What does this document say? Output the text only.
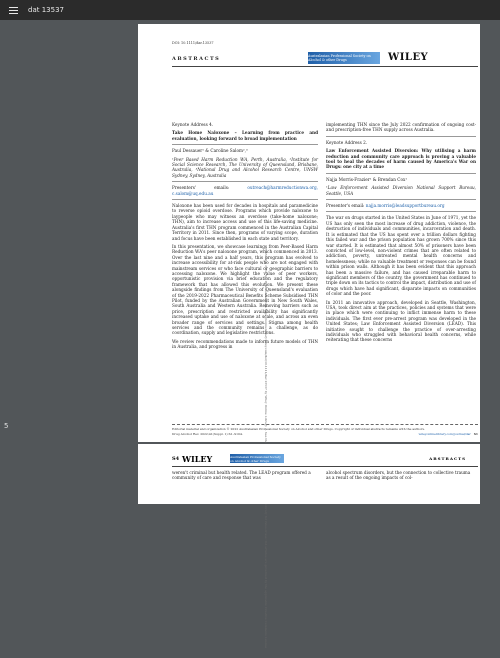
dat 13537
5
DOI: 10.1111/dar.13537
ABSTRACTS	Australasian Professional Society on Alcohol & other Drugs	WILEY

Keynote Address 4.

Take Home Naloxone – Learning from practice and evaluation, looking forward to broad implementation

Paul Dessauer¹ & Caroline Salom²,³

¹Peer Based Harm Reduction WA, Perth, Australia, ²Institute for Social Science Research, The University of Queensland, Brisbane, Australia, ³National Drug and Alcohol Research Centre, UNSW Sydney, Sydney, Australia

Presenters' emails:	outreach@harmreductionwa.org, c.salom@uq.edu.au

Naloxone has been used for decades in hospitals and paramedicine to reverse opioid overdose. Programs which provide naloxone to laypeople who may witness an overdose (take-home naloxone; THN), aim to increase access and use of this life-saving medicine. Australia's first THN program commenced in the Australian Capital Territory in 2011. Since then, programs of varying scope, duration and focus have been established in each state and territory.

In this presentation, we showcase learnings from Peer-Based Harm Reduction WA's peer naloxone program, which commenced in 2013. Over the last nine and a half years, this program has evolved to increase accessibility for at-risk people who are not engaged with mainstream services or who face cultural or geographic barriers to accessing naloxone. We highlight the value of peer workers, opportunistic provision via brief education and the regulatory framework that has allowed this evolution. We present these alongside findings from The University of Queensland's evaluation of the 2019-2022 Pharmaceutical Benefits Scheme Subsidised THN Pilot, funded by the Australian Government in New South Wales, South Australia and Western Australia. Removing barriers such as price, prescription and restricted availability has significantly increased uptake and use of naloxone at scale, and across an even broader range of services and settings. Stigma among health services and the community remains a challenge, as do coordination, supply and legislative restrictions.

We review recommendations made to inform future models of THN in Australia, and progress in

implementing THN since the July 2022 confirmation of ongoing cost- and prescription-free THN supply across Australia.

Keynote Address 2.

Law Enforcement Assisted Diversion: Why utilising a harm reduction and community care approach is proving a valuable tool to heal the decades of harm caused by America's War on Drugs: one city at a time

Najja Morris-Frazier¹ & Brendan Cox¹

¹Law Enforcement Assisted Diversion National Support Bureau, Seattle, USA

Presenter's email: najja.morris@leadsupportbureau.org

The war on drugs started in the United States in June of 1971, yet the US has only seen the most increase of drug addiction, violence, the destruction of individuals and communities, incarceration and death. It is estimated that the US has spent over a trillion dollars fighting this failed war and the prison population has grown 700% since this war started. It is estimated that almost 50% of prisoners have been convicted of low-level, non-violent crimes that are often related to addiction, poverty, untreated mental health concerns and homelessness; while no valuable treatment or responses can be found within prison walls. Although it has been evident that this approach has been a massive failure, and has caused irreparable harm to significant members of the country, the government has continued to triple down on its tactics to control the impact, distribution and use of drugs which have had significant, disparate impacts on communities of color and the poor.

In 2011 an innovative approach, developed in Seattle, Washington, USA, took direct aim at the practices, policies and systems that were in place which were continuing to inflict immense harm to these individuals. The first ever pre-arrest program was developed in the United States; Law Enforcement Assisted Diversion (LEAD). This initiative sought to challenge the practice of over-arresting individuals who struggled with behavioral health concerns, while reiterating that these concerns

Editorial material and organization © 2022 Australasian Professional Society on Alcohol and other Drugs. Copyright of individual abstracts remains with the authors.
Drug Alcohol Rev. 2022;41(Suppl. 1):S1–S104.	wileyonlinelibrary.com/journal/dar S1
S4 WILEY	Australasian Professional Society on Alcohol & other Drugs	ABSTRACTS
weren't criminal but health related. The LEAD program offered a community of care and response that was
alcohol spectrum disorders, but the connection to collective trauma as a result of the ongoing impacts of col-
